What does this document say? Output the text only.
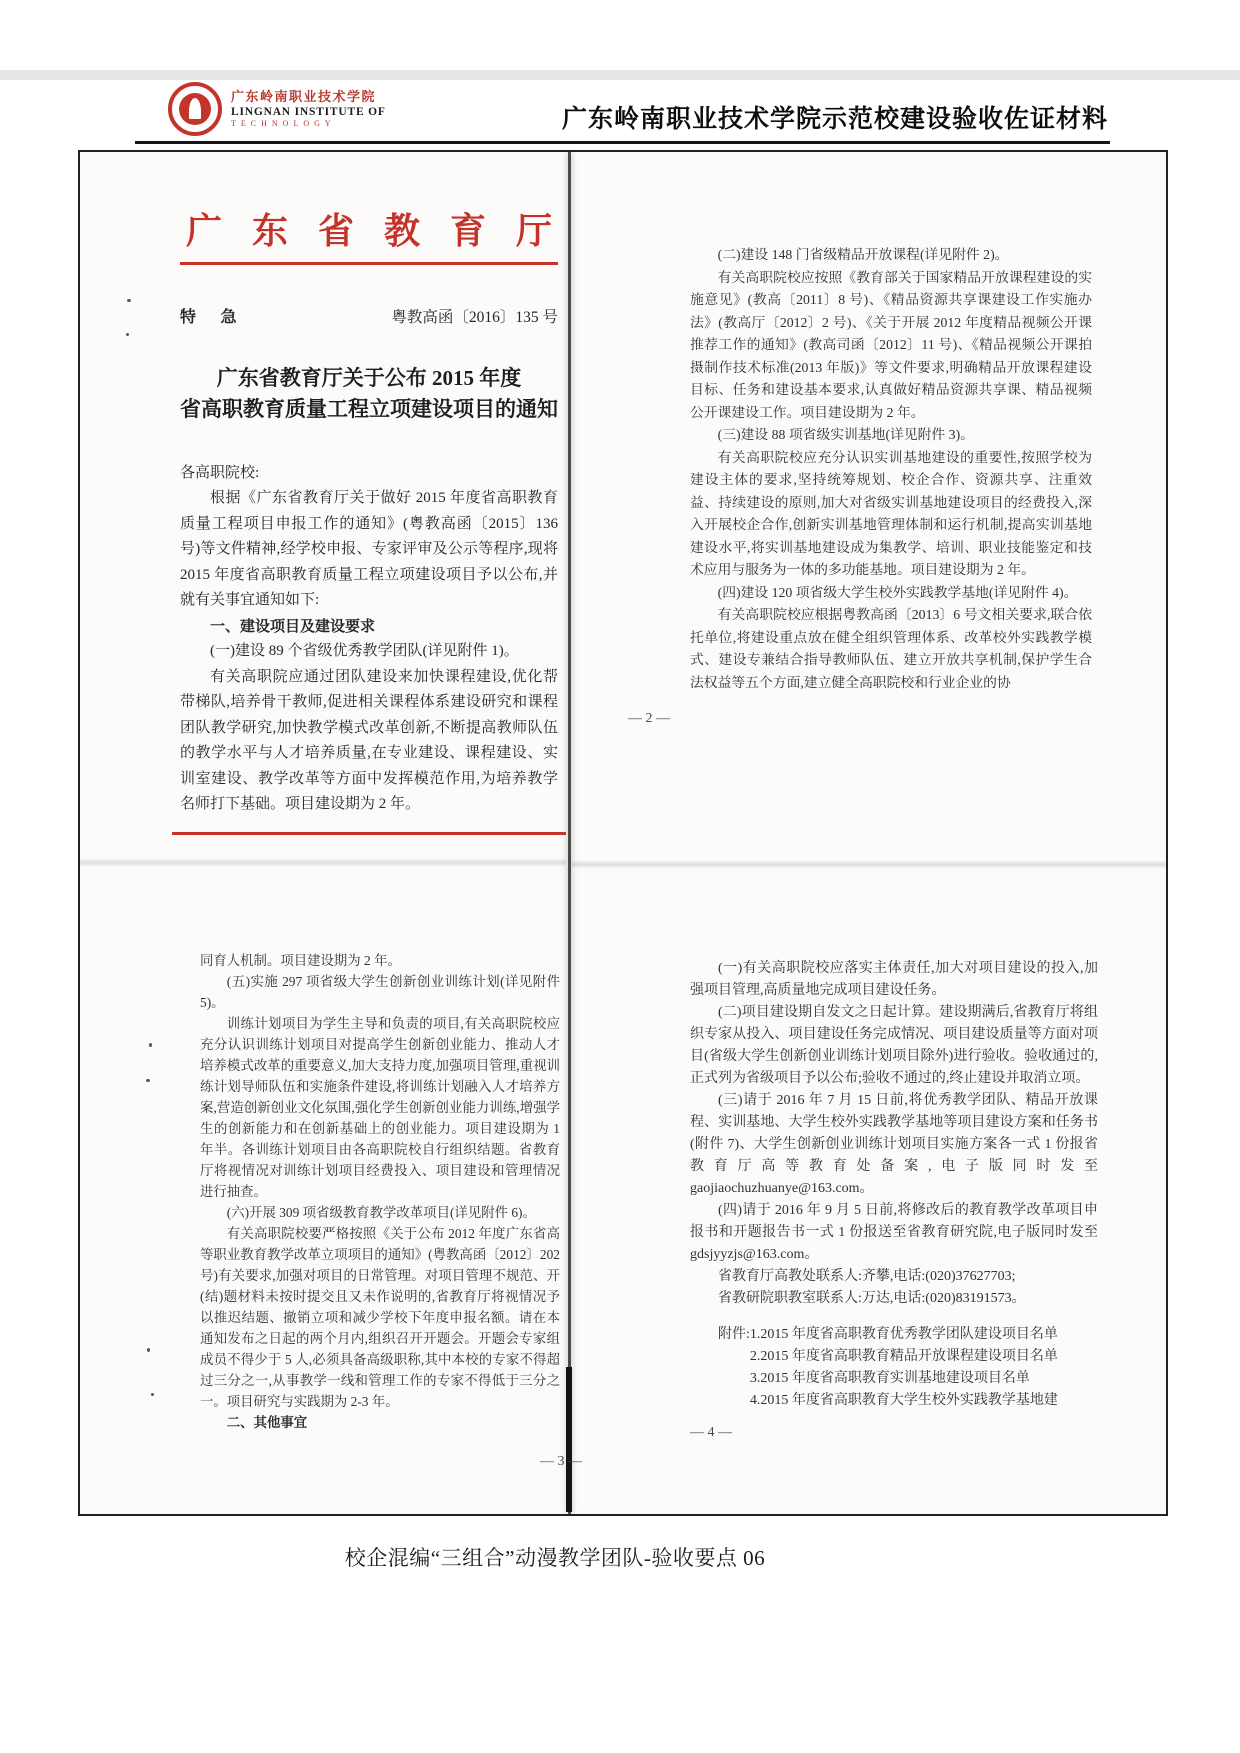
广东岭南职业技术学院
LINGNAN INSTITUTE OF
TECHNOLOGY	广东岭南职业技术学院示范校建设验收佐证材料
广东省教育厅
特 急	粤教高函〔2016〕135 号
广东省教育厅关于公布 2015 年度
省高职教育质量工程立项建设项目的通知

各高职院校:

根据《广东省教育厅关于做好 2015 年度省高职教育质量工程项目申报工作的通知》(粤教高函〔2015〕136 号)等文件精神,经学校申报、专家评审及公示等程序,现将 2015 年度省高职教育质量工程立项建设项目予以公布,并就有关事宜通知如下:

一、建设项目及建设要求

(一)建设 89 个省级优秀教学团队(详见附件 1)。

有关高职院应通过团队建设来加快课程建设,优化帮带梯队,培养骨干教师,促进相关课程体系建设研究和课程团队教学研究,加快教学模式改革创新,不断提高教师队伍的教学水平与人才培养质量,在专业建设、课程建设、实训室建设、教学改革等方面中发挥模范作用,为培养教学名师打下基础。项目建设期为 2 年。

(二)建设 148 门省级精品开放课程(详见附件 2)。

有关高职院校应按照《教育部关于国家精品开放课程建设的实施意见》(教高〔2011〕8 号)、《精品资源共享课建设工作实施办法》(教高厅〔2012〕2 号)、《关于开展 2012 年度精品视频公开课推荐工作的通知》(教高司函〔2012〕11 号)、《精品视频公开课拍摄制作技术标准(2013 年版)》等文件要求,明确精品开放课程建设目标、任务和建设基本要求,认真做好精品资源共享课、精品视频公开课建设工作。项目建设期为 2 年。

(三)建设 88 项省级实训基地(详见附件 3)。

有关高职院校应充分认识实训基地建设的重要性,按照学校为建设主体的要求,坚持统筹规划、校企合作、资源共享、注重效益、持续建设的原则,加大对省级实训基地建设项目的经费投入,深入开展校企合作,创新实训基地管理体制和运行机制,提高实训基地建设水平,将实训基地建设成为集教学、培训、职业技能鉴定和技术应用与服务为一体的多功能基地。项目建设期为 2 年。

(四)建设 120 项省级大学生校外实践教学基地(详见附件 4)。

有关高职院校应根据粤教高函〔2013〕6 号文相关要求,联合依托单位,将建设重点放在健全组织管理体系、改革校外实践教学模式、建设专兼结合指导教师队伍、建立开放共享机制,保护学生合法权益等五个方面,建立健全高职院校和行业企业的协

— 2 —

同育人机制。项目建设期为 2 年。

(五)实施 297 项省级大学生创新创业训练计划(详见附件 5)。

训练计划项目为学生主导和负责的项目,有关高职院校应充分认识训练计划项目对提高学生创新创业能力、推动人才培养模式改革的重要意义,加大支持力度,加强项目管理,重视训练计划导师队伍和实施条件建设,将训练计划融入人才培养方案,营造创新创业文化氛围,强化学生创新创业能力训练,增强学生的创新能力和在创新基础上的创业能力。项目建设期为 1 年半。各训练计划项目由各高职院校自行组织结题。省教育厅将视情况对训练计划项目经费投入、项目建设和管理情况进行抽查。

(六)开展 309 项省级教育教学改革项目(详见附件 6)。

有关高职院校要严格按照《关于公布 2012 年度广东省高等职业教育教学改革立项项目的通知》(粤教高函〔2012〕202 号)有关要求,加强对项目的日常管理。对项目管理不规范、开(结)题材料未按时提交且又未作说明的,省教育厅将视情况予以推迟结题、撤销立项和减少学校下年度申报名额。请在本通知发布之日起的两个月内,组织召开开题会。开题会专家组成员不得少于 5 人,必须具备高级职称,其中本校的专家不得超过三分之一,从事教学一线和管理工作的专家不得低于三分之一。项目研究与实践期为 2-3 年。

二、其他事宜

— 3 —

(一)有关高职院校应落实主体责任,加大对项目建设的投入,加强项目管理,高质量地完成项目建设任务。

(二)项目建设期自发文之日起计算。建设期满后,省教育厅将组织专家从投入、项目建设任务完成情况、项目建设质量等方面对项目(省级大学生创新创业训练计划项目除外)进行验收。验收通过的,正式列为省级项目予以公布;验收不通过的,终止建设并取消立项。

(三)请于 2016 年 7 月 15 日前,将优秀教学团队、精品开放课程、实训基地、大学生校外实践教学基地等项目建设方案和任务书(附件 7)、大学生创新创业训练计划项目实施方案各一式 1 份报省教育厅高等教育处备案,电子版同时发至 gaojiaochuzhuanye@163.com。

(四)请于 2016 年 9 月 5 日前,将修改后的教育教学改革项目申报书和开题报告书一式 1 份报送至省教育研究院,电子版同时发至 gdsjyyzjs@163.com。

省教育厅高教处联系人:齐攀,电话:(020)37627703;

省教研院职教室联系人:万达,电话:(020)83191573。

附件: 1.2015 年度省高职教育优秀教学团队建设项目名单
2.2015 年度省高职教育精品开放课程建设项目名单
3.2015 年度省高职教育实训基地建设项目名单
4.2015 年度省高职教育大学生校外实践教学基地建
— 4 —
校企混编“三组合”动漫教学团队-验收要点 06
